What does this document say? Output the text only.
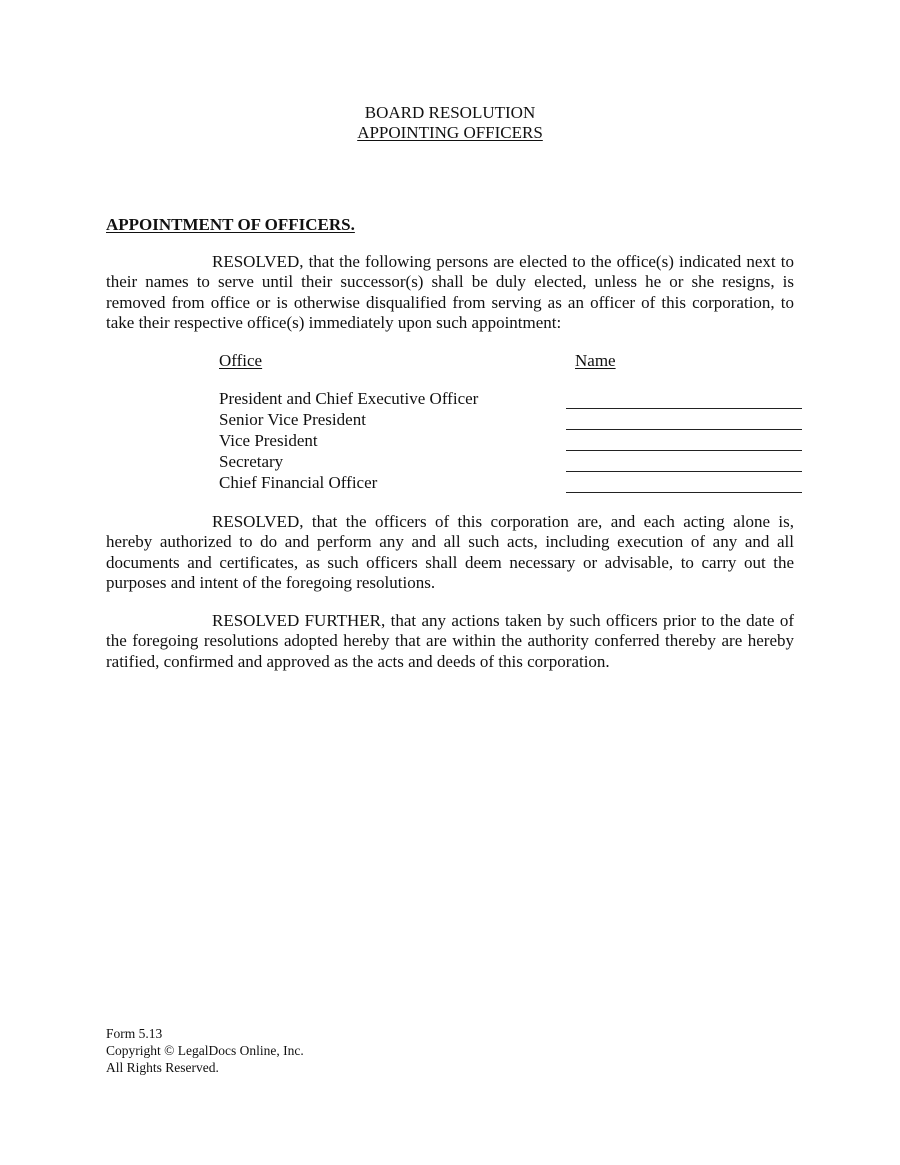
BOARD RESOLUTION
APPOINTING OFFICERS
APPOINTMENT OF OFFICERS.

RESOLVED, that the following persons are elected to the office(s) indicated next to their names to serve until their successor(s) shall be duly elected, unless he or she resigns, is removed from office or is otherwise disqualified from serving as an officer of this corporation, to take their respective office(s) immediately upon such appointment:

Office	Name
President and Chief Executive Officer
Senior Vice President
Vice President
Secretary
Chief Financial Officer

RESOLVED, that the officers of this corporation are, and each acting alone is, hereby authorized to do and perform any and all such acts, including execution of any and all documents and certificates, as such officers shall deem necessary or advisable, to carry out the purposes and intent of the foregoing resolutions.

RESOLVED FURTHER, that any actions taken by such officers prior to the date of the foregoing resolutions adopted hereby that are within the authority conferred thereby are hereby ratified, confirmed and approved as the acts and deeds of this corporation.

Form 5.13
Copyright © LegalDocs Online, Inc.
All Rights Reserved.
